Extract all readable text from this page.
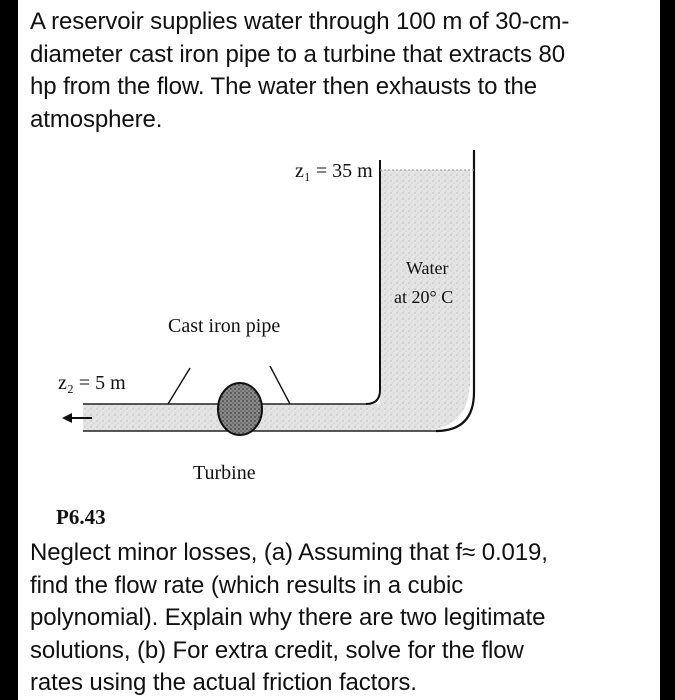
A reservoir supplies water through 100 m of 30-cm-
diameter cast iron pipe to a turbine that extracts 80
hp from the flow. The water then exhausts to the
atmosphere.
z₁ = 35 m
Water
at 20° C
Cast iron pipe
z₂ = 5 m
Turbine
P6.43
Neglect minor losses, (a) Assuming that f≈ 0.019,
find the flow rate (which results in a cubic
polynomial). Explain why there are two legitimate
solutions, (b) For extra credit, solve for the flow
rates using the actual friction factors.
